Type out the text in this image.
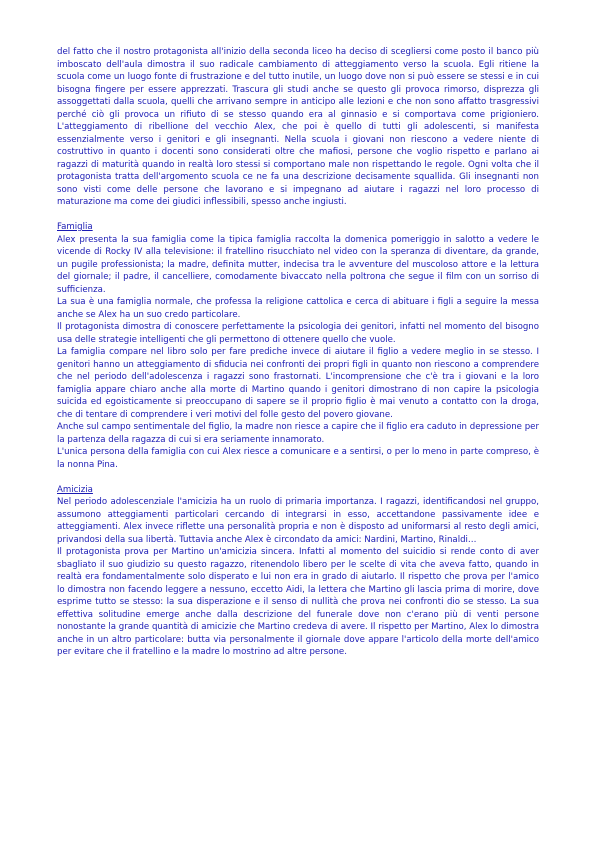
del fatto che il nostro protagonista all'inizio della seconda liceo ha deciso di scegliersi come posto il banco più imboscato dell'aula dimostra il suo radicale cambiamento di atteggiamento verso la scuola. Egli ritiene la scuola come un luogo fonte di frustrazione e del tutto inutile, un luogo dove non si può essere se stessi e in cui bisogna fingere per essere apprezzati. Trascura gli studi anche se questo gli provoca rimorso, disprezza gli assoggettati dalla scuola, quelli che arrivano sempre in anticipo alle lezioni e che non sono affatto trasgressivi perché ciò gli provoca un rifiuto di se stesso quando era al ginnasio e si comportava come prigioniero. L'atteggiamento di ribellione del vecchio Alex, che poi è quello di tutti gli adolescenti, si manifesta essenzialmente verso i genitori e gli insegnanti. Nella scuola i giovani non riescono a vedere niente di costruttivo in quanto i docenti sono considerati oltre che mafiosi, persone che voglio rispetto e parlano ai ragazzi di maturità quando in realtà loro stessi si comportano male non rispettando le regole. Ogni volta che il protagonista tratta dell'argomento scuola ce ne fa una descrizione decisamente squallida. Gli insegnanti non sono visti come delle persone che lavorano e si impegnano ad aiutare i ragazzi nel loro processo di maturazione ma come dei giudici inflessibili, spesso anche ingiusti.

Famiglia

Alex presenta la sua famiglia come la tipica famiglia raccolta la domenica pomeriggio in salotto a vedere le vicende di Rocky IV alla televisione: il fratellino risucchiato nel video con la speranza di diventare, da grande, un pugile professionista; la madre, definita mutter, indecisa tra le avventure del muscoloso attore e la lettura del giornale; il padre, il cancelliere, comodamente bivaccato nella poltrona che segue il film con un sorriso di sufficienza.

La sua è una famiglia normale, che professa la religione cattolica e cerca di abituare i figli a seguire la messa anche se Alex ha un suo credo particolare.

Il protagonista dimostra di conoscere perfettamente la psicologia dei genitori, infatti nel momento del bisogno usa delle strategie intelligenti che gli permettono di ottenere quello che vuole.

La famiglia compare nel libro solo per fare prediche invece di aiutare il figlio a vedere meglio in se stesso. I genitori hanno un atteggiamento di sfiducia nei confronti dei propri figli in quanto non riescono a comprendere che nel periodo dell'adolescenza i ragazzi sono frastornati. L'incomprensione che c'è tra i giovani e la loro famiglia appare chiaro anche alla morte di Martino quando i genitori dimostrano di non capire la psicologia suicida ed egoisticamente si preoccupano di sapere se il proprio figlio è mai venuto a contatto con la droga, che di tentare di comprendere i veri motivi del folle gesto del povero giovane.

Anche sul campo sentimentale del figlio, la madre non riesce a capire che il figlio era caduto in depressione per la partenza della ragazza di cui si era seriamente innamorato.

L'unica persona della famiglia con cui Alex riesce a comunicare e a sentirsi, o per lo meno in parte compreso, è la nonna Pina.

Amicizia

Nel periodo adolescenziale l'amicizia ha un ruolo di primaria importanza. I ragazzi, identificandosi nel gruppo, assumono atteggiamenti particolari cercando di integrarsi in esso, accettandone passivamente idee e atteggiamenti. Alex invece riflette una personalità propria e non è disposto ad uniformarsi al resto degli amici, privandosi della sua libertà. Tuttavia anche Alex è circondato da amici: Nardini, Martino, Rinaldi…

Il protagonista prova per Martino un'amicizia sincera. Infatti al momento del suicidio si rende conto di aver sbagliato il suo giudizio su questo ragazzo, ritenendolo libero per le scelte di vita che aveva fatto, quando in realtà era fondamentalmente solo disperato e lui non era in grado di aiutarlo. Il rispetto che prova per l'amico lo dimostra non facendo leggere a nessuno, eccetto Aidi, la lettera che Martino gli lascia prima di morire, dove esprime tutto se stesso: la sua disperazione e il senso di nullità che prova nei confronti dio se stesso. La sua effettiva solitudine emerge anche dalla descrizione del funerale dove non c'erano più di venti persone nonostante la grande quantità di amicizie che Martino credeva di avere. Il rispetto per Martino, Alex lo dimostra anche in un altro particolare: butta via personalmente il giornale dove appare l'articolo della morte dell'amico per evitare che il fratellino e la madre lo mostrino ad altre persone.
